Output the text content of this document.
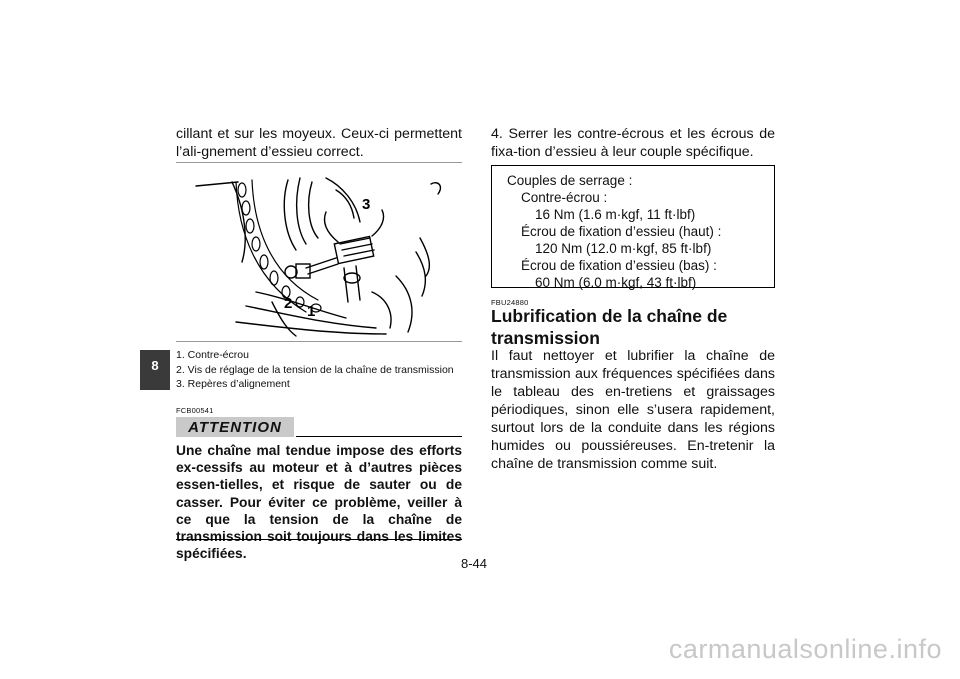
cillant et sur les moyeux. Ceux-ci permettent l’ali-gnement d’essieu correct.
3
2 1
1. Contre-écrou
2. Vis de réglage de la tension de la chaîne de transmission
3. Repères d’alignement
8
FCB00541
ATTENTION
Une chaîne mal tendue impose des efforts ex-cessifs au moteur et à d’autres pièces essen-tielles, et risque de sauter ou de casser. Pour éviter ce problème, veiller à ce que la tension de la chaîne de transmission soit toujours dans les limites spécifiées.
4. Serrer les contre-écrous et les écrous de fixa-tion d’essieu à leur couple spécifique.
Couples de serrage :
Contre-écrou :
16 Nm (1.6 m·kgf, 11 ft·lbf)
Écrou de fixation d’essieu (haut) :
120 Nm (12.0 m·kgf, 85 ft·lbf)
Écrou de fixation d’essieu (bas) :
60 Nm (6.0 m·kgf, 43 ft·lbf)
FBU24880
Lubrification de la chaîne de transmission
Il faut nettoyer et lubrifier la chaîne de transmission aux fréquences spécifiées dans le tableau des en-tretiens et graissages périodiques, sinon elle s’usera rapidement, surtout lors de la conduite dans les régions humides ou poussiéreuses. En-tretenir la chaîne de transmission comme suit.
8-44
carmanualsonline.info
